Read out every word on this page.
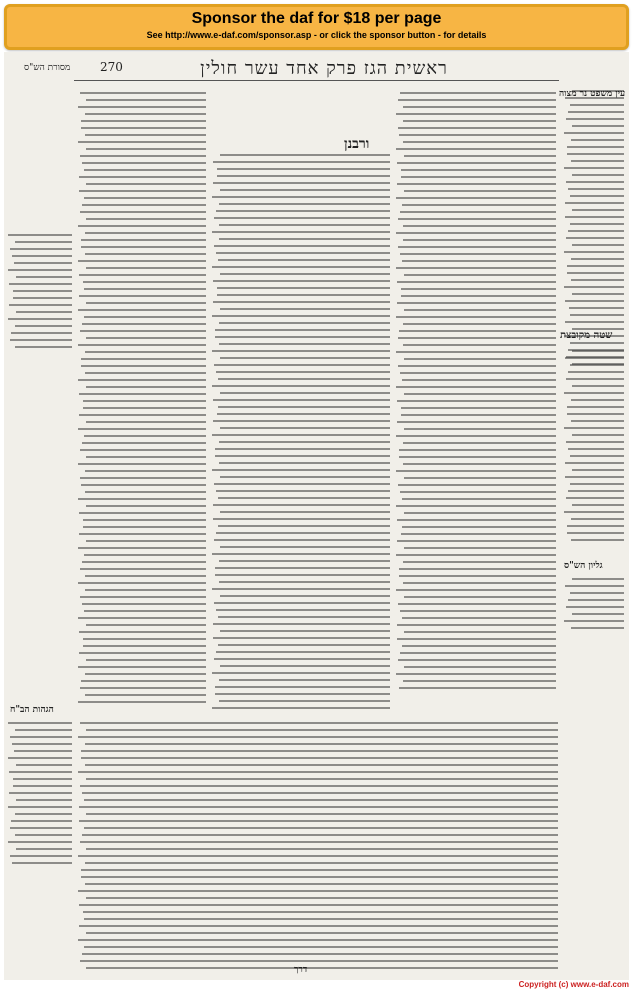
Sponsor the daf for $18 per page
See http://www.e-daf.com/sponsor.asp - or click the sponsor button - for details
270	ראשית הגז פרק אחד עשר חולין
מסורת הש"ס
עין משפט נר מצוה
שטה מקובצת
גליון הש"ס
ורבנן
הגהות הב"ח
דרך
Copyright (c) www.e-daf.com
